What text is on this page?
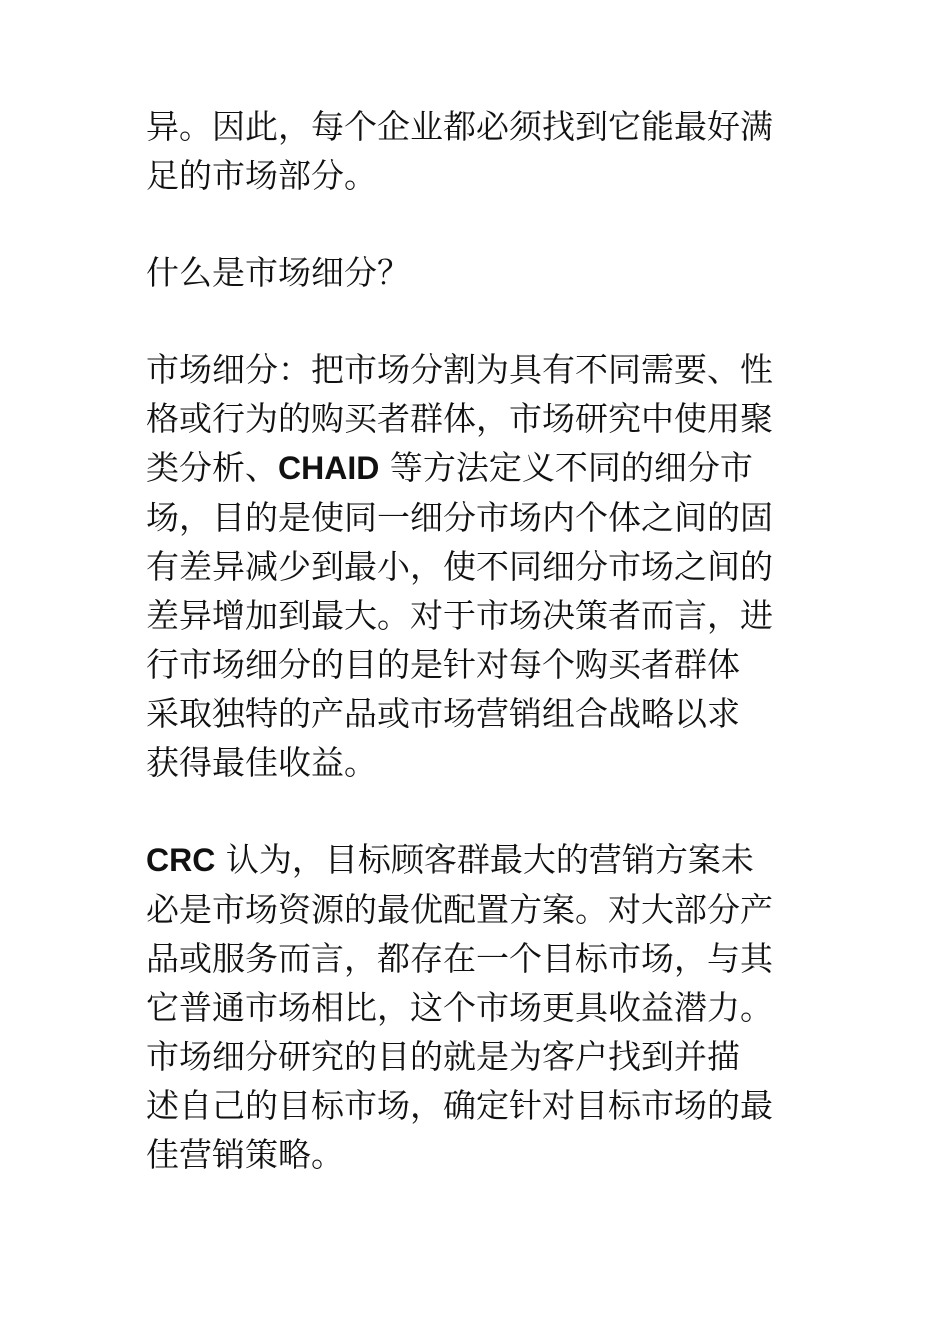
异。因此，每个企业都必须找到它能最好满
足的市场部分。

什么是市场细分？

市场细分：把市场分割为具有不同需要、性
格或行为的购买者群体，市场研究中使用聚
类分析、CHAID 等方法定义不同的细分市
场，目的是使同一细分市场内个体之间的固
有差异减少到最小，使不同细分市场之间的
差异增加到最大。对于市场决策者而言，进
行市场细分的目的是针对每个购买者群体
采取独特的产品或市场营销组合战略以求
获得最佳收益。

CRC 认为，目标顾客群最大的营销方案未
必是市场资源的最优配置方案。对大部分产
品或服务而言，都存在一个目标市场，与其
它普通市场相比，这个市场更具收益潜力。
市场细分研究的目的就是为客户找到并描
述自己的目标市场，确定针对目标市场的最
佳营销策略。
